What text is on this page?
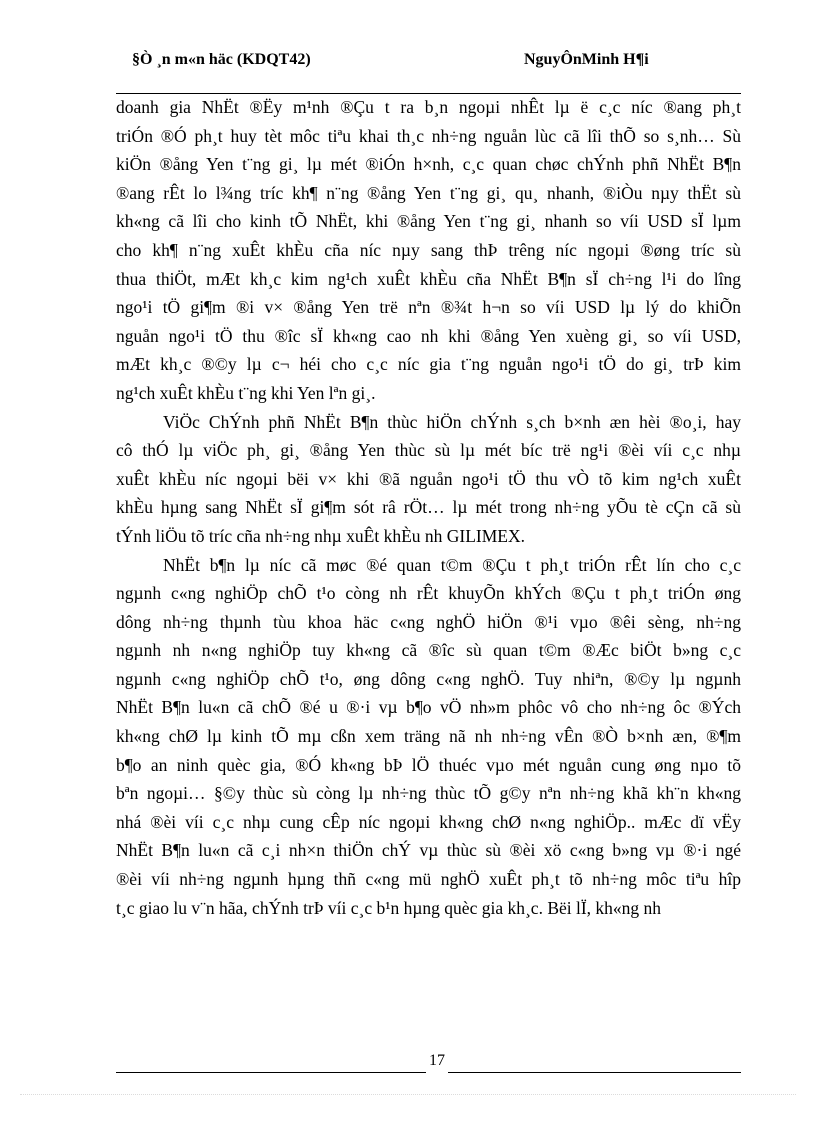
§Ò ¸n m«n häc (KDQT42)	NguyÔnMinh H¶i
doanh gia NhËt ®Ëy m¹nh ®Çu t ra b¸n ngoµi nhÊt lµ ë c¸c níc ®ang ph¸t
triÓn ®Ó ph¸t huy tèt môc tiªu khai th¸c nh÷ng nguån lùc cã lîi thÕ so s¸nh… Sù
kiÖn ®ång Yen t¨ng gi¸ lµ mét ®iÓn h×nh, c¸c quan chøc chÝnh phñ NhËt B¶n
®ang rÊt lo l¾ng tríc kh¶ n¨ng ®ång Yen t¨ng gi¸ qu¸ nhanh, ®iÒu nµy thËt sù
kh«ng cã lîi cho kinh tÕ NhËt, khi ®ång Yen t¨ng gi¸ nhanh so víi USD sÏ lµm
cho kh¶ n¨ng xuÊt khÈu cña níc nµy sang thÞ trêng níc ngoµi ®øng tríc sù
thua thiÖt, mÆt kh¸c kim ng¹ch xuÊt khÈu cña NhËt B¶n sÏ ch÷ng l¹i do lîng
ngo¹i tÖ gi¶m ®i v× ®ång Yen trë nªn ®¾t h¬n so víi USD lµ lý do khiÕn
nguån ngo¹i tÖ thu ®îc sÏ kh«ng cao nh khi ®ång Yen xuèng gi¸ so víi USD,
mÆt kh¸c ®©y lµ c¬ héi cho c¸c níc gia t¨ng nguån ngo¹i tÖ do gi¸ trÞ kim
ng¹ch xuÊt khÈu t¨ng khi Yen lªn gi¸.
ViÖc ChÝnh phñ NhËt B¶n thùc hiÖn chÝnh s¸ch b×nh æn hèi ®o¸i, hay
cô thÓ lµ viÖc ph¸ gi¸ ®ång Yen thùc sù lµ mét bíc trë ng¹i ®èi víi c¸c nhµ
xuÊt khÈu níc ngoµi bëi v× khi ®ã nguån ngo¹i tÖ thu vÒ tõ kim ng¹ch xuÊt
khÈu hµng sang NhËt sÏ gi¶m sót râ rÖt… lµ mét trong nh÷ng yÕu tè cÇn cã sù
tÝnh liÖu tõ tríc cña nh÷ng nhµ xuÊt khÈu nh GILIMEX.
NhËt b¶n lµ níc cã møc ®é quan t©m ®Çu t ph¸t triÓn rÊt lín cho c¸c
ngµnh c«ng nghiÖp chÕ t¹o còng nh rÊt khuyÕn khÝch ®Çu t ph¸t triÓn øng
dông nh÷ng thµnh tùu khoa häc c«ng nghÖ hiÖn ®¹i vµo ®êi sèng, nh÷ng
ngµnh nh n«ng nghiÖp tuy kh«ng cã ®îc sù quan t©m ®Æc biÖt b»ng c¸c
ngµnh c«ng nghiÖp chÕ t¹o, øng dông c«ng nghÖ. Tuy nhiªn, ®©y lµ ngµnh
NhËt B¶n lu«n cã chÕ ®é u ®·i vµ b¶o vÖ nh»m phôc vô cho nh÷ng ôc ®Ých
kh«ng chØ lµ kinh tÕ mµ cßn xem träng nã nh nh÷ng vÊn ®Ò b×nh æn, ®¶m
b¶o an ninh quèc gia, ®Ó kh«ng bÞ lÖ thuéc vµo mét nguån cung øng nµo tõ
bªn ngoµi… §©y thùc sù còng lµ nh÷ng thùc tÕ g©y nªn nh÷ng khã kh¨n kh«ng
nhá ®èi víi c¸c nhµ cung cÊp níc ngoµi kh«ng chØ n«ng nghiÖp.. mÆc dï vËy
NhËt B¶n lu«n cã c¸i nh×n thiÖn chÝ vµ thùc sù ®èi xö c«ng b»ng vµ ®·i ngé
®èi víi nh÷ng ngµnh hµng thñ c«ng mü nghÖ xuÊt ph¸t tõ nh÷ng môc tiªu hîp
t¸c giao lu v¨n hãa, chÝnh trÞ víi c¸c b¹n hµng quèc gia kh¸c. Bëi lÏ, kh«ng nh
17
